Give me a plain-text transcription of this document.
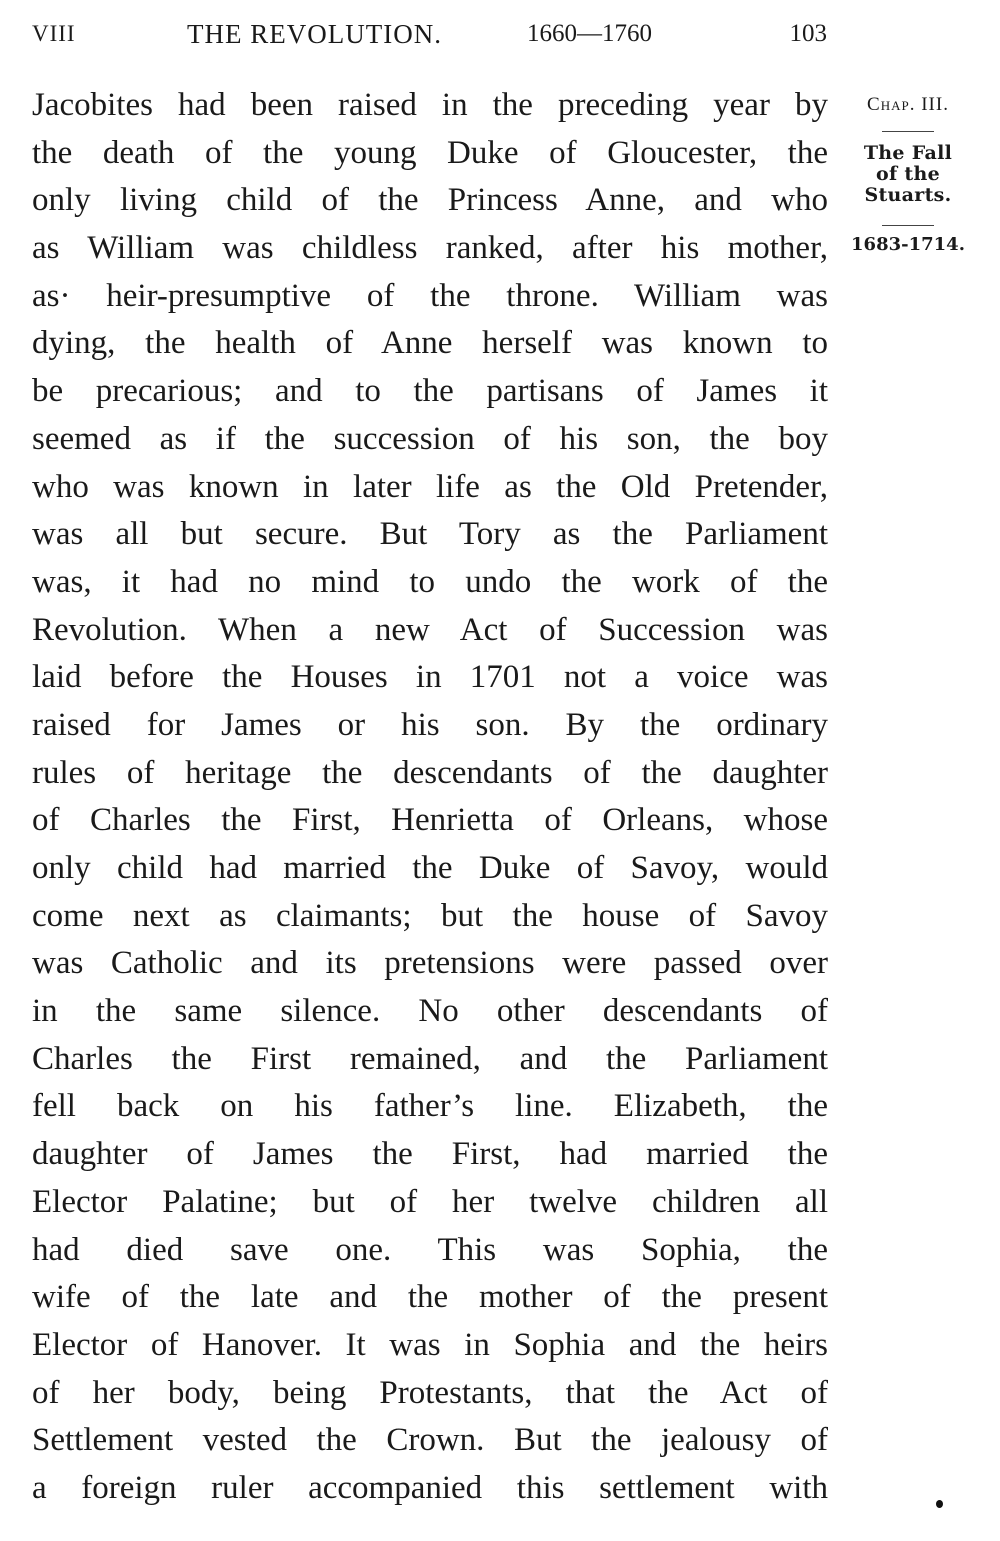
VIII	THE REVOLUTION.	1660—1760	103
Jacobites had been raised in the preceding year by
the death of the young Duke of Gloucester, the
only living child of the Princess Anne, and who
as William was childless ranked, after his mother,
as· heir-presumptive of the throne. William was
dying, the health of Anne herself was known to
be precarious; and to the partisans of James it
seemed as if the succession of his son, the boy
who was known in later life as the Old Pretender,
was all but secure. But Tory as the Parliament
was, it had no mind to undo the work of the
Revolution. When a new Act of Succession was
laid before the Houses in 1701 not a voice was
raised for James or his son. By the ordinary
rules of heritage the descendants of the daughter
of Charles the First, Henrietta of Orleans, whose
only child had married the Duke of Savoy, would
come next as claimants; but the house of Savoy
was Catholic and its pretensions were passed over
in the same silence. No other descendants of
Charles the First remained, and the Parliament
fell back on his father’s line. Elizabeth, the
daughter of James the First, had married the
Elector Palatine; but of her twelve children all
had died save one. This was Sophia, the
wife of the late and the mother of the present
Elector of Hanover. It was in Sophia and the heirs
of her body, being Protestants, that the Act of
Settlement vested the Crown. But the jealousy of
a foreign ruler accompanied this settlement with
Chap. III.
The Fall
of the
Stuarts.
1683-1714.
